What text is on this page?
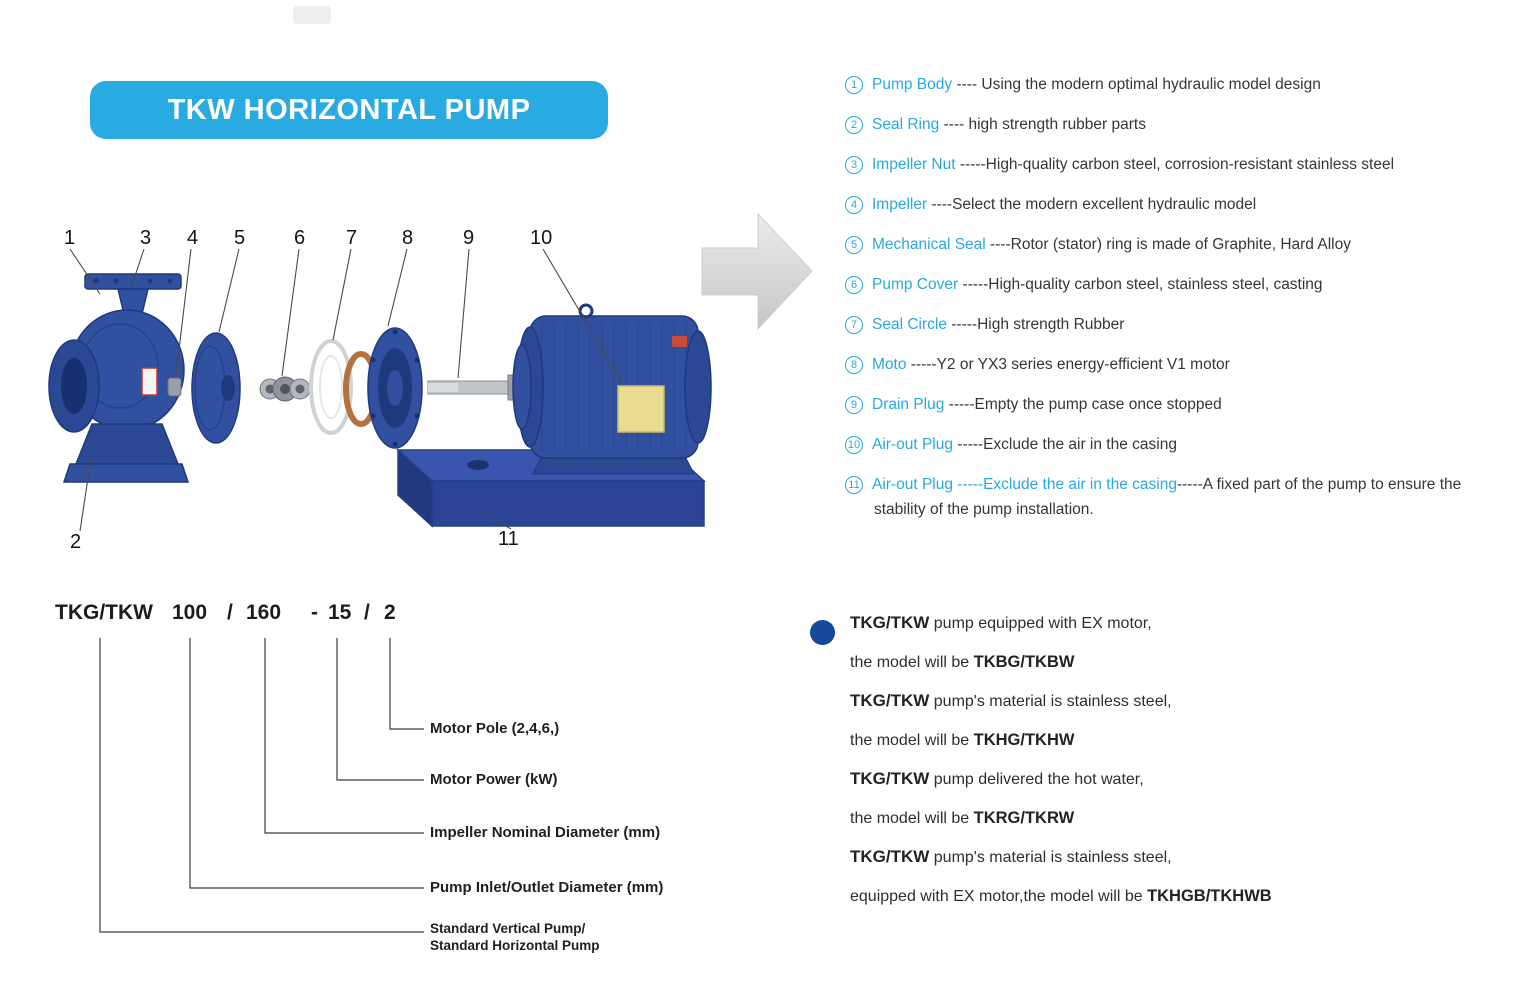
TKW HORIZONTAL PUMP
1	3 4 5 6 7 8 9	10
2	11
1 Pump Body ---- Using the modern optimal hydraulic model design
2 Seal Ring ---- high strength rubber parts
3 Impeller Nut -----High-quality carbon steel, corrosion-resistant stainless steel
4 Impeller ----Select the modern excellent hydraulic model
5 Mechanical Seal ----Rotor (stator) ring is made of Graphite, Hard Alloy
6 Pump Cover -----High-quality carbon steel, stainless steel, casting
7 Seal Circle -----High strength Rubber
8 Moto -----Y2 or YX3 series energy-efficient V1 motor
9 Drain Plug -----Empty the pump case once stopped
10 Air-out Plug -----Exclude the air in the casing
11 Air-out Plug -----Exclude the air in the casing-----A fixed part of the pump to ensure the stability of the pump installation.
TKG/TKW 100 / 160 - 15 / 2
Motor Pole (2,4,6,)
Motor Power (kW)
Impeller Nominal Diameter (mm)
Pump Inlet/Outlet Diameter (mm)
Standard Vertical Pump/
Standard Horizontal Pump

TKG/TKW pump equipped with EX motor,

the model will be TKBG/TKBW

TKG/TKW pump's material is stainless steel,

the model will be TKHG/TKHW

TKG/TKW pump delivered the hot water,

the model will be TKRG/TKRW

TKG/TKW pump's material is stainless steel,

equipped with EX motor,the model will be TKHGB/TKHWB
